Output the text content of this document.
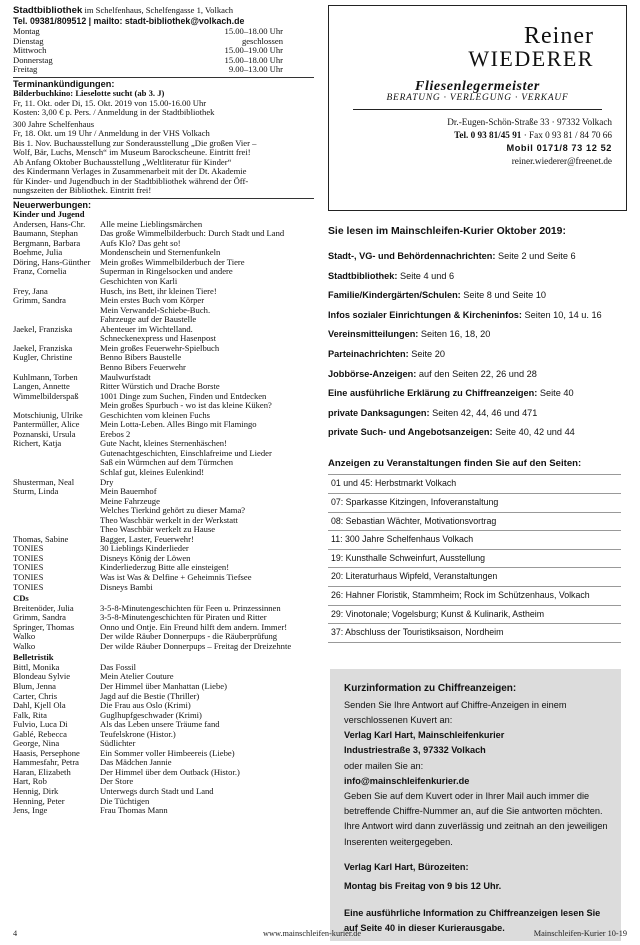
Stadtbibliothek im Schelfenhaus, Schelfengasse 1, Volkach
Tel. 09381/809512 | mailto: stadt-bibliothek@volkach.de
Montag	15.00–18.00 Uhr
Dienstag	geschlossen
Mittwoch	15.00–19.00 Uhr
Donnerstag	15.00–18.00 Uhr
Freitag	9.00–13.00 Uhr
Terminankündigungen:
Bilderbuchkino: Lieselotte sucht (ab 3. J)
Fr, 11. Okt. oder Di, 15. Okt. 2019 von 15.00-16.00 Uhr
Kosten: 3,00 € p. Pers. / Anmeldung in der Stadtbibliothek
300 Jahre Schelfenhaus
Fr, 18. Okt. um 19 Uhr / Anmeldung in der VHS Volkach
Bis 1. Nov. Buchausstellung zur Sonderausstellung „Die großen Vier –
Wolf, Bär, Luchs, Mensch“ im Museum Barockscheune. Eintritt frei!
Ab Anfang Oktober Buchausstellung „Weltliteratur für Kinder“
des Kindermann Verlages in Zusammenarbeit mit der Dt. Akademie
für Kinder- und Jugendbuch in der Stadtbibliothek während der Öff-
nungszeiten der Bibliothek. Eintritt frei!
Neuerwerbungen:
Kinder und Jugend
Andersen, Hans-Chr.	Alle meine Lieblingsmärchen
Baumann, Stephan	Das große Wimmelbilderbuch: Durch Stadt und Land
Bergmann, Barbara	Aufs Klo? Das geht so!
Boehme, Julia	Mondenschein und Sternenfunkeln
Döring, Hans-Günther	Mein großes Wimmelbilderbuch der Tiere
Franz, Cornelia	Superman in Ringelsocken und andere
Geschichten von Karli
Frey, Jana	Husch, ins Bett, ihr kleinen Tiere!
Grimm, Sandra	Mein erstes Buch vom Körper
Mein Verwandel-Schiebe-Buch.
Fahrzeuge auf der Baustelle
Jaekel, Franziska	Abenteuer im Wichtelland.
Schneckenexpress und Hasenpost
Jaekel, Franziska	Mein großes Feuerwehr-Spielbuch
Kugler, Christine	Benno Bibers Baustelle
Benno Bibers Feuerwehr
Kuhlmann, Torben	Maulwurfstadt
Langen, Annette	Ritter Würstich und Drache Borste
Wimmelbilderspaß	1001 Dinge zum Suchen, Finden und Entdecken
Mein großes Spurbuch - wo ist das kleine Küken?
Motschiunig, Ulrike	Geschichten vom kleinen Fuchs
Pantermüller, Alice	Mein Lotta-Leben. Alles Bingo mit Flamingo
Poznanski, Ursula	Erebos 2
Richert, Katja	Gute Nacht, kleines Sternenhäschen!
Gutenachtgeschichten, Einschlafreime und Lieder
Saß ein Würmchen auf dem Türmchen
Schlaf gut, kleines Eulenkind!
Shusterman, Neal	Dry
Sturm, Linda	Mein Bauernhof
Meine Fahrzeuge
Welches Tierkind gehört zu dieser Mama?
Theo Waschbär werkelt in der Werkstatt
Theo Waschbär werkelt zu Hause
Thomas, Sabine	Bagger, Laster, Feuerwehr!
TONIES	30 Lieblings Kinderlieder
TONIES	Disneys König der Löwen
TONIES	Kinderliederzug Bitte alle einsteigen!
TONIES	Was ist Was & Delfine + Geheimnis Tiefsee
TONIES	Disneys Bambi
CDs
Breitenöder, Julia	3-5-8-Minutengeschichten für Feen u. Prinzessinnen
Grimm, Sandra	3-5-8-Minutengeschichten für Piraten und Ritter
Springer, Thomas	Onno und Ontje. Ein Freund hilft dem andern. Immer!
Walko	Der wilde Räuber Donnerpups - die Räuberprüfung
Walko	Der wilde Räuber Donnerpups – Freitag der Dreizehnte
Belletristik
Bittl, Monika	Das Fossil
Blondeau Sylvie	Mein Atelier Couture
Blum, Jenna	Der Himmel über Manhattan (Liebe)
Carter, Chris	Jagd auf die Bestie (Thriller)
Dahl, Kjell Ola	Die Frau aus Oslo (Krimi)
Falk, Rita	Guglhupfgeschwader (Krimi)
Fulvio, Luca Di	Als das Leben unsere Träume fand
Gablé, Rebecca	Teufelskrone (Histor.)
George, Nina	Südlichter
Haasis, Persephone	Ein Sommer voller Himbeereis (Liebe)
Hammesfahr, Petra	Das Mädchen Jannie
Haran, Elizabeth	Der Himmel über dem Outback (Histor.)
Hart, Rob	Der Store
Hennig, Dirk	Unterwegs durch Stadt und Land
Henning, Peter	Die Tüchtigen
Jens, Inge	Frau Thomas Mann
Reiner
WIEDERER
Fliesenlegermeister
BERATUNG · VERLEGUNG · VERKAUF
Dr.-Eugen-Schön-Straße 33 · 97332 Volkach
Tel. 0 93 81/45 91 · Fax 0 93 81 / 84 70 66
Mobil 0171/8 73 12 52
reiner.wiederer@freenet.de
Sie lesen im Mainschleifen-Kurier Oktober 2019:
Stadt-, VG- und Behördennachrichten: Seite 2 und Seite 6
Stadtbibliothek: Seite 4 und 6
Familie/Kindergärten/Schulen: Seite 8 und Seite 10
Infos sozialer Einrichtungen & Kircheninfos: Seiten 10, 14 u. 16
Vereinsmitteilungen: Seiten 16, 18, 20
Parteinachrichten: Seite 20
Jobbörse-Anzeigen: auf den Seiten 22, 26 und 28
Eine ausführliche Erklärung zu Chiffreanzeigen: Seite 40
private Danksagungen: Seiten 42, 44, 46 und 471
private Such- und Angebotsanzeigen: Seite 40, 42 und 44
Anzeigen zu Veranstaltungen finden Sie auf den Seiten:
01 und 45: Herbstmarkt Volkach
07: Sparkasse Kitzingen, Infoveranstaltung
08: Sebastian Wächter, Motivationsvortrag
11: 300 Jahre Schelfenhaus Volkach
19: Kunsthalle Schweinfurt, Ausstellung
20: Literaturhaus Wipfeld, Veranstaltungen
26: Hahner Floristik, Stammheim; Rock im Schützenhaus, Volkach
29: Vinotonale; Vogelsburg; Kunst & Kulinarik, Astheim
37: Abschluss der Touristiksaison, Nordheim
Kurzinformation zu Chiffreanzeigen:
Senden Sie Ihre Antwort auf Chiffre-Anzeigen in einem verschlossenen Kuvert an:
Verlag Karl Hart, Mainschleifenkurier
Industriestraße 3, 97332 Volkach
oder mailen Sie an:
info@mainschleifenkurier.de
Geben Sie auf dem Kuvert oder in Ihrer Mail auch immer die betreffende Chiffre-Nummer an, auf die Sie antworten möchten. Ihre Antwort wird dann zuverlässig und zeitnah an den jeweiligen Inserenten weitergegeben.
Verlag Karl Hart, Bürozeiten:
Montag bis Freitag von 9 bis 12 Uhr.
Eine ausführliche Information zu Chiffreanzeigen lesen Sie auf Seite 40 in dieser Kurierausgabe.
4	www.mainschleifen-kurier.de	Mainschleifen-Kurier 10-19
